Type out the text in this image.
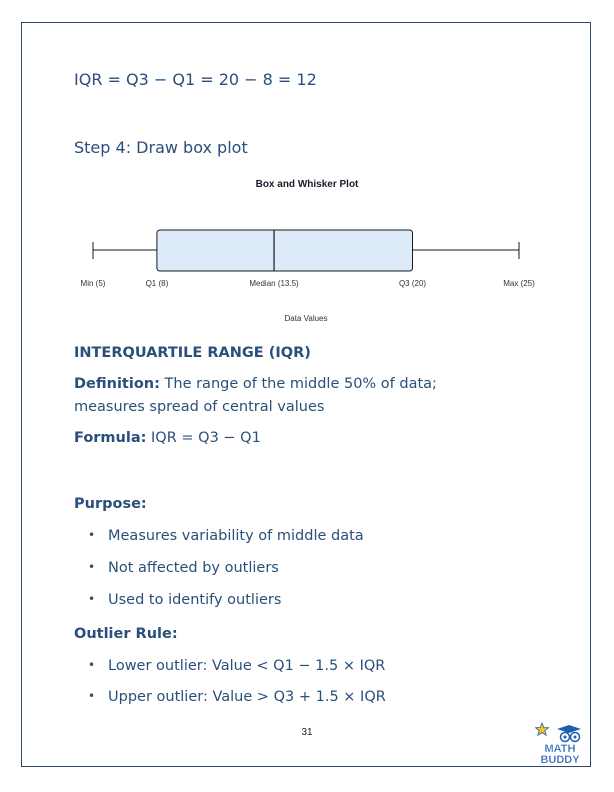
IQR = Q3 − Q1 = 20 − 8 = 12
Step 4: Draw box plot
Box and Whisker Plot
Min (5)	Q1 (8)	Median (13.5)	Q3 (20)	Max (25)
Data Values
INTERQUARTILE RANGE (IQR)
Definition: The range of the middle 50% of data;
measures spread of central values
Formula: IQR = Q3 − Q1
Purpose:
• Measures variability of middle data
• Not affected by outliers
• Used to identify outliers
Outlier Rule:
• Lower outlier: Value < Q1 − 1.5 × IQR
• Upper outlier: Value > Q3 + 1.5 × IQR
31
MATH
BUDDY
